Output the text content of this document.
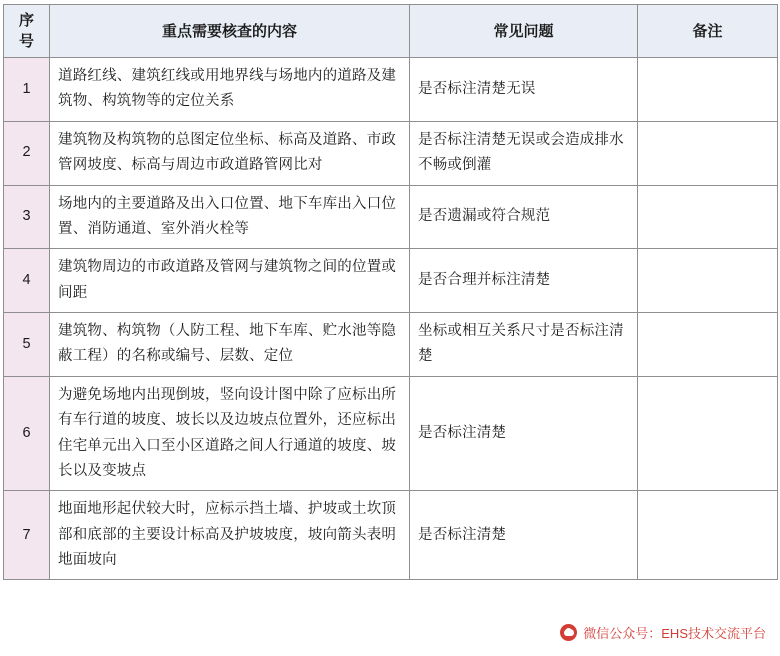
序
号	重点需要核查的内容	常见问题	备注
1	道路红线、建筑红线或用地界线与场地内的道路及建筑物、构筑物等的定位关系	是否标注清楚无误	
2	建筑物及构筑物的总图定位坐标、标高及道路、市政管网坡度、标高与周边市政道路管网比对	是否标注清楚无误或会造成排水不畅或倒灌	
3	场地内的主要道路及出入口位置、地下车库出入口位置、消防通道、室外消火栓等	是否遗漏或符合规范	
4	建筑物周边的市政道路及管网与建筑物之间的位置或间距	是否合理并标注清楚	
5	建筑物、构筑物（人防工程、地下车库、贮水池等隐蔽工程）的名称或编号、层数、定位	坐标或相互关系尺寸是否标注清楚	
6	为避免场地内出现倒坡，竖向设计图中除了应标出所有车行道的坡度、坡长以及边坡点位置外，还应标出住宅单元出入口至小区道路之间人行通道的坡度、坡长以及变坡点	是否标注清楚	
7	地面地形起伏较大时，应标示挡土墙、护坡或土坎顶部和底部的主要设计标高及护坡坡度，坡向箭头表明地面坡向	是否标注清楚	
微信公众号：EHS技术交流平台
